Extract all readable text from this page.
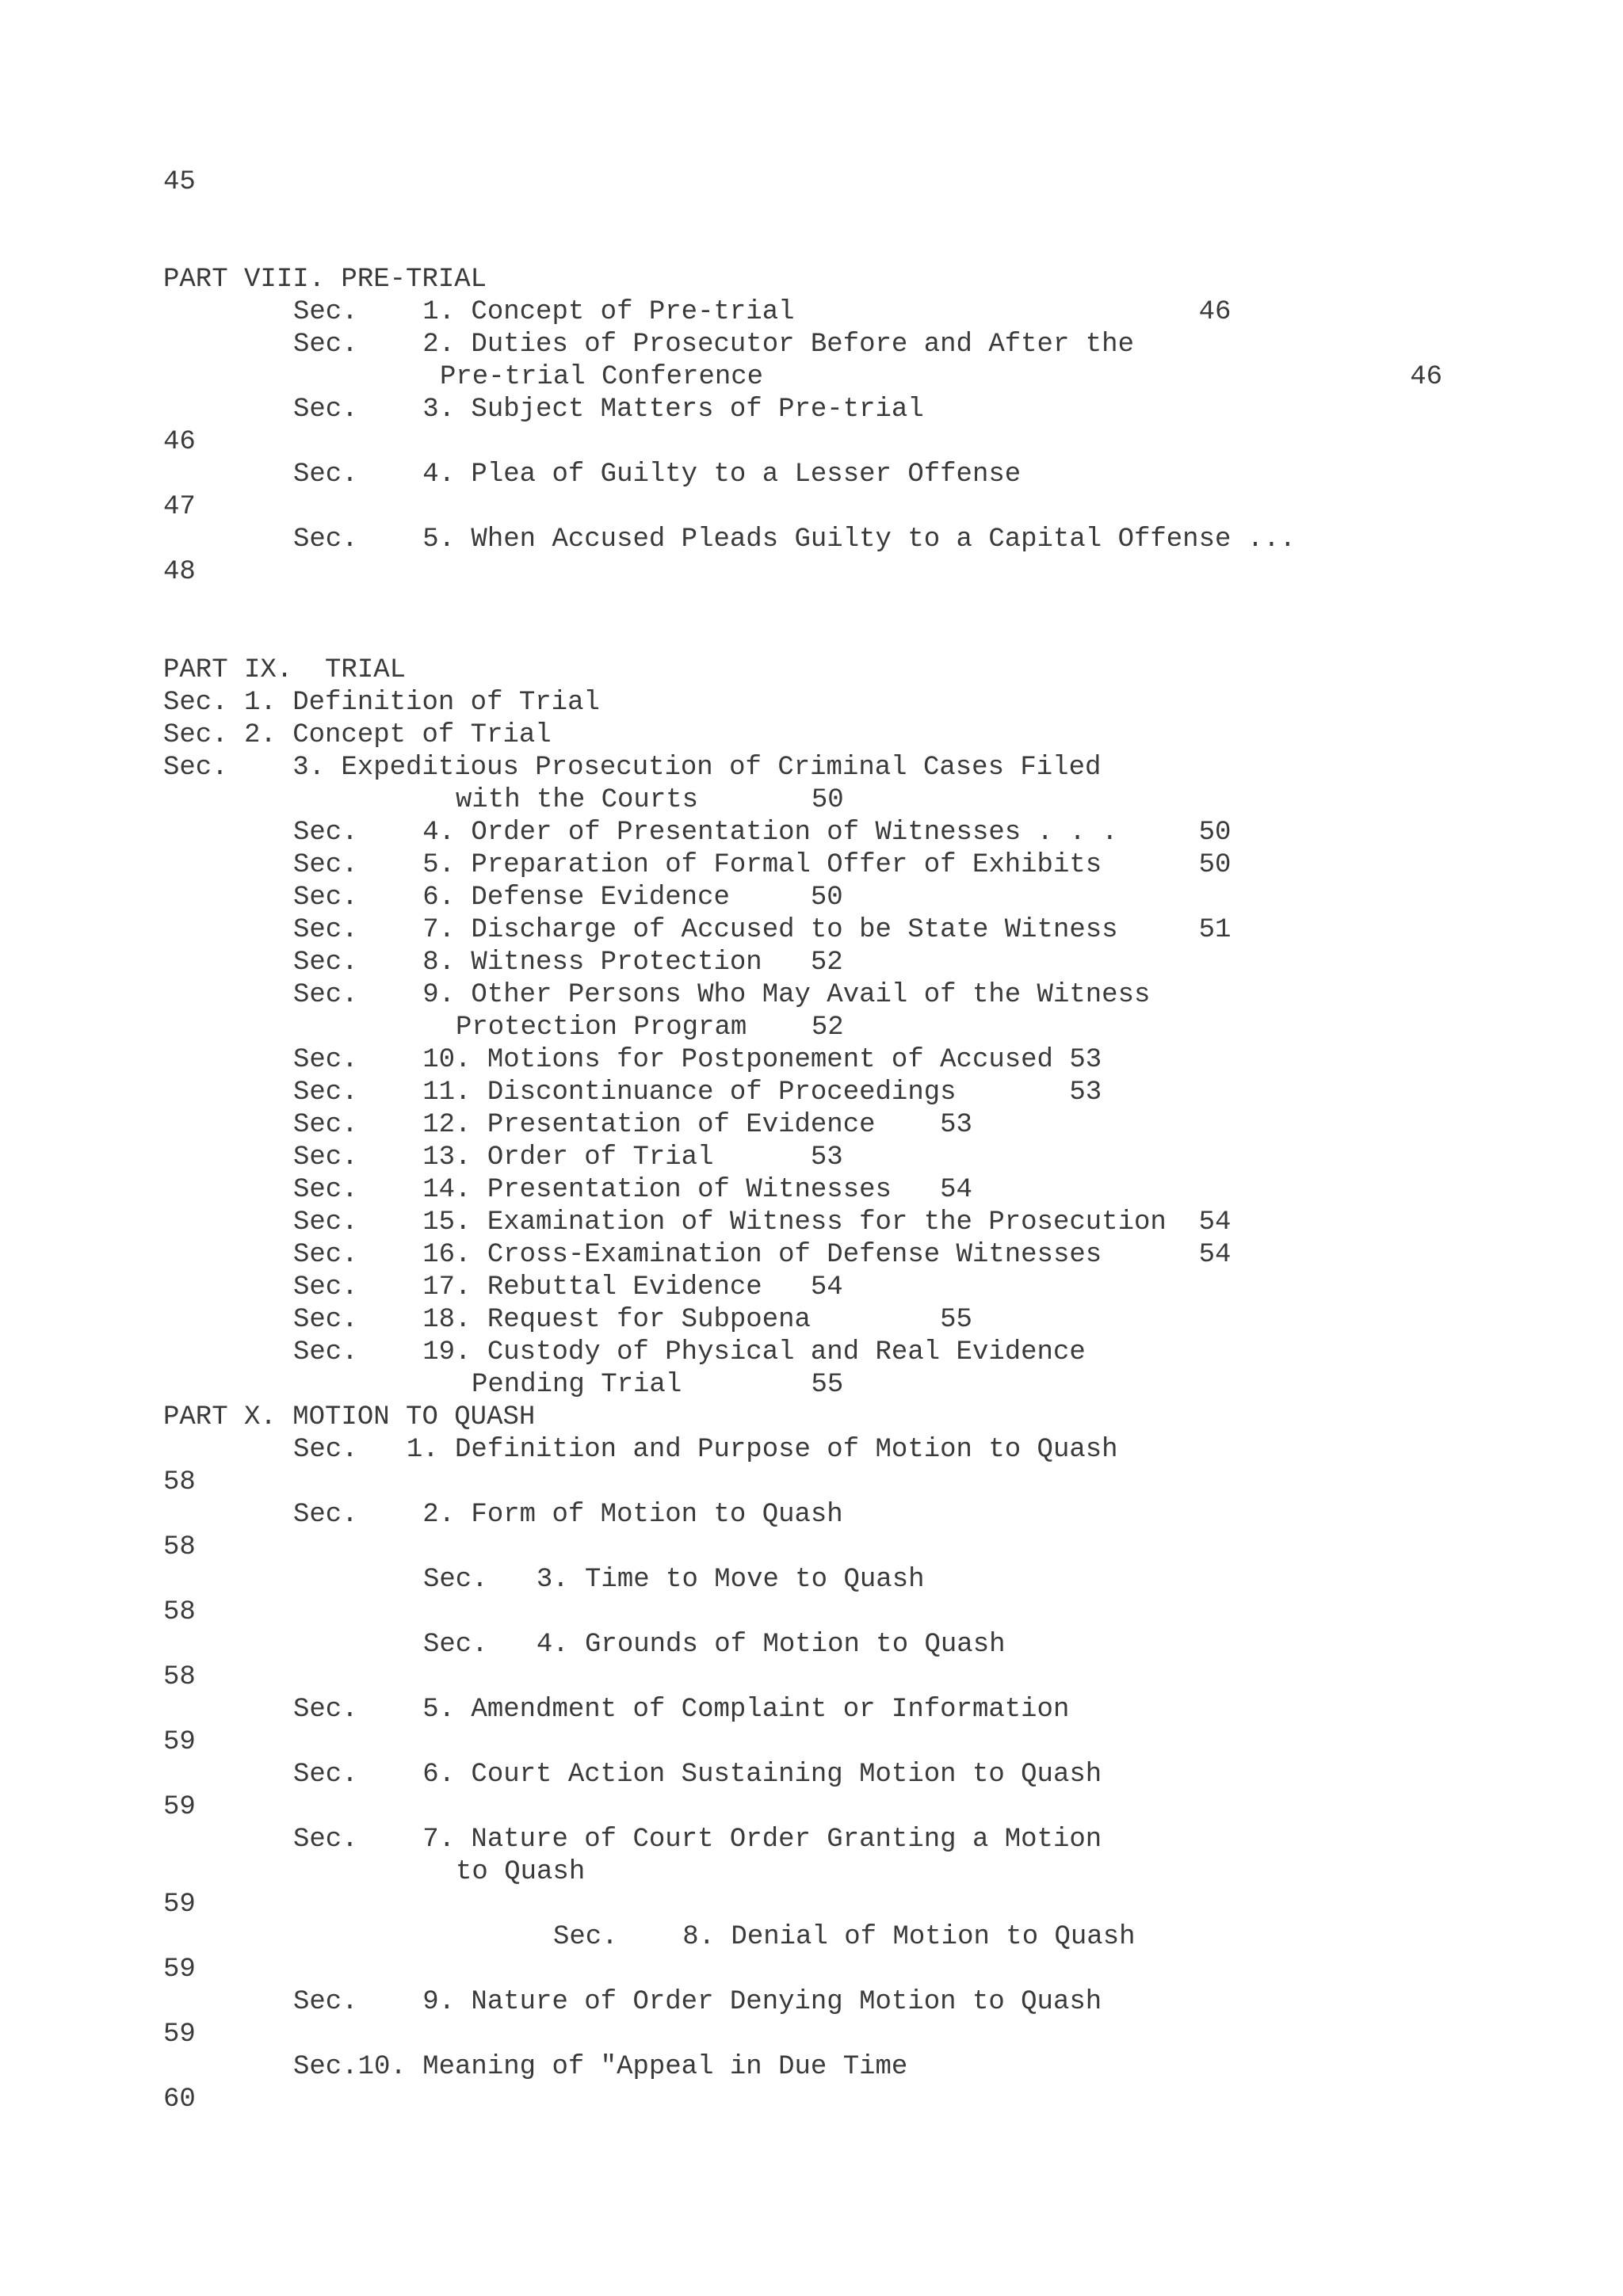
45
PART VIII. PRE-TRIAL
Sec.    1. Concept of Pre-trial                         46
Sec.    2. Duties of Prosecutor Before and After the
Pre-trial Conference                                        46
Sec.    3. Subject Matters of Pre-trial
46
Sec.    4. Plea of Guilty to a Lesser Offense
47
Sec.    5. When Accused Pleads Guilty to a Capital Offense ...
48
PART IX.  TRIAL
Sec. 1. Definition of Trial
Sec. 2. Concept of Trial
Sec.    3. Expeditious Prosecution of Criminal Cases Filed
with the Courts       50
Sec.    4. Order of Presentation of Witnesses . . .     50
Sec.    5. Preparation of Formal Offer of Exhibits      50
Sec.    6. Defense Evidence     50
Sec.    7. Discharge of Accused to be State Witness     51
Sec.    8. Witness Protection   52
Sec.    9. Other Persons Who May Avail of the Witness
Protection Program    52
Sec.    10. Motions for Postponement of Accused 53
Sec.    11. Discontinuance of Proceedings       53
Sec.    12. Presentation of Evidence    53
Sec.    13. Order of Trial      53
Sec.    14. Presentation of Witnesses   54
Sec.    15. Examination of Witness for the Prosecution  54
Sec.    16. Cross-Examination of Defense Witnesses      54
Sec.    17. Rebuttal Evidence   54
Sec.    18. Request for Subpoena        55
Sec.    19. Custody of Physical and Real Evidence
Pending Trial        55
PART X. MOTION TO QUASH
Sec.   1. Definition and Purpose of Motion to Quash
58
Sec.    2. Form of Motion to Quash
58
Sec.   3. Time to Move to Quash
58
Sec.   4. Grounds of Motion to Quash
58
Sec.    5. Amendment of Complaint or Information
59
Sec.    6. Court Action Sustaining Motion to Quash
59
Sec.    7. Nature of Court Order Granting a Motion
to Quash
59
Sec.    8. Denial of Motion to Quash
59
Sec.    9. Nature of Order Denying Motion to Quash
59
Sec.10. Meaning of "Appeal in Due Time
60
